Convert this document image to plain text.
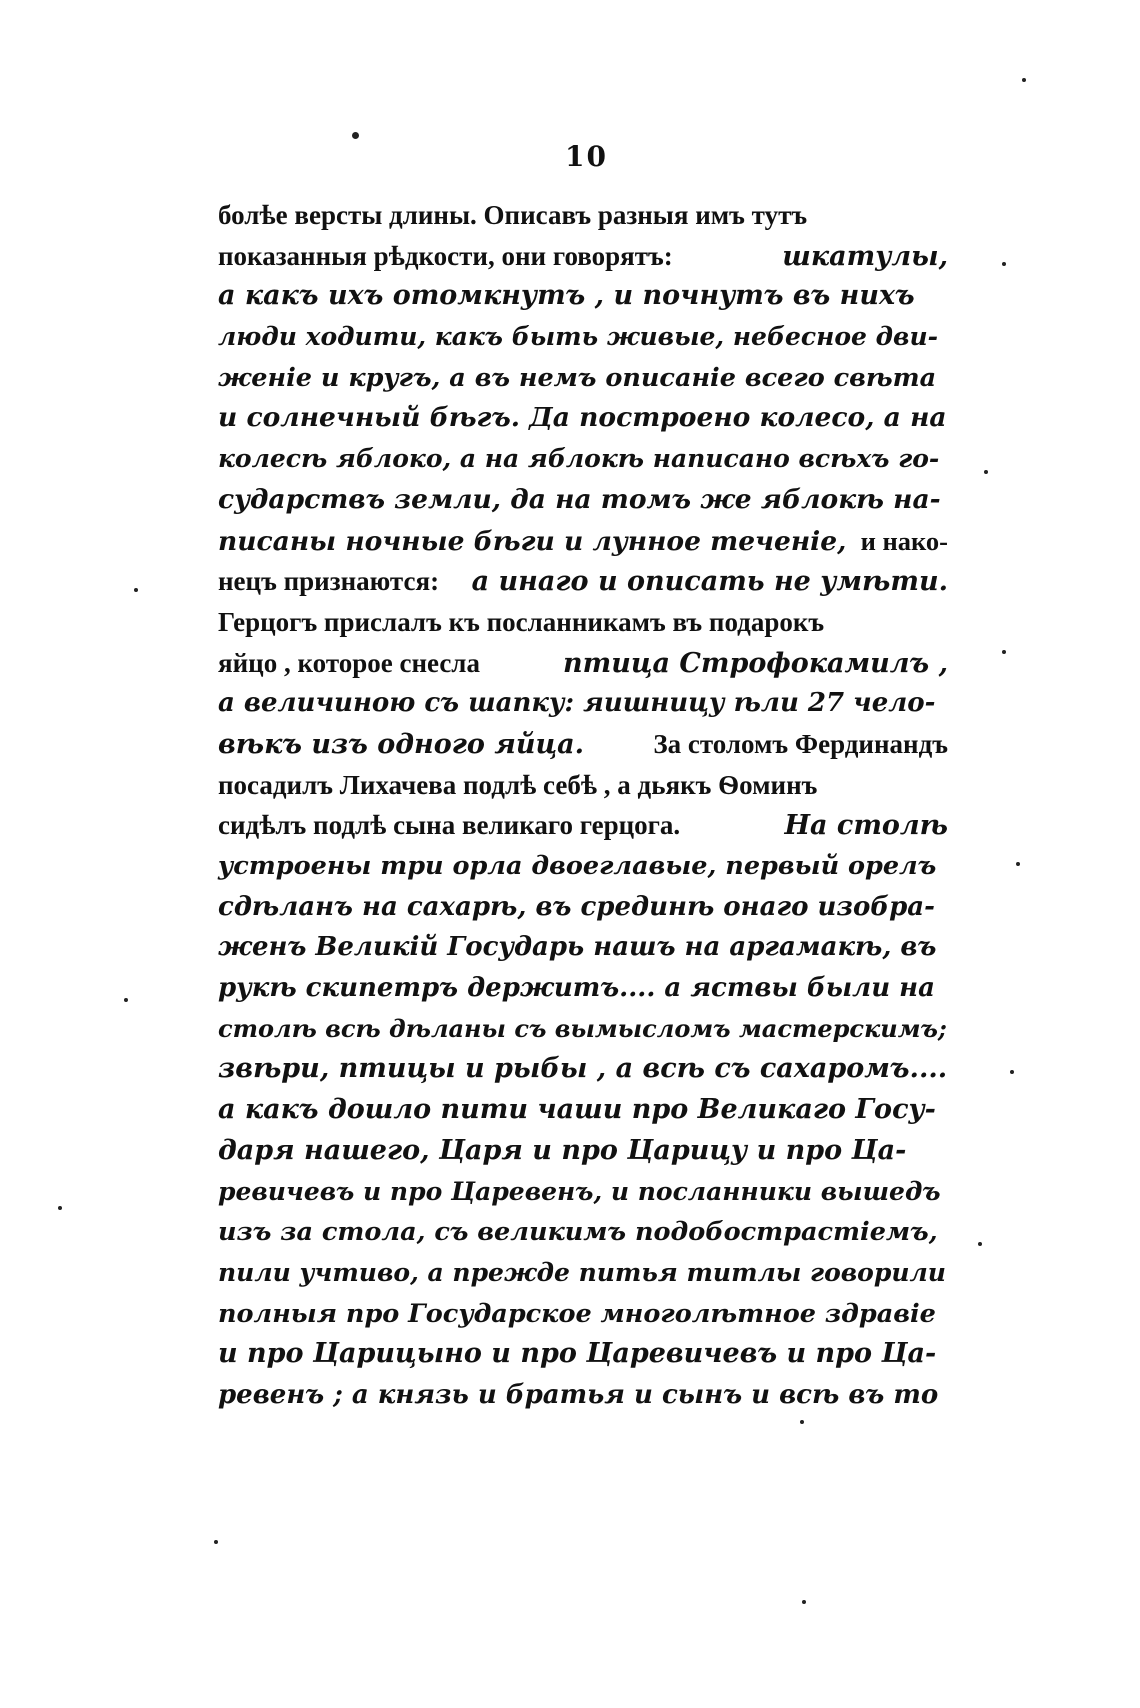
10
болѣе версты длины. Описавъ разныя имъ тутъ
показанныя рѣдкости, они говорятъ:	шкатулы,
а какъ ихъ отомкнутъ , и почнутъ въ нихъ
люди ходити, какъ быть живые, небесное дви-
женіе и кругъ, а въ немъ описаніе всего свѣта
и солнечный бѣгъ. Да построено колесо, а на
колесѣ яблоко, а на яблокѣ написано всѣхъ го-
сударствъ земли, да на томъ же яблокѣ на-
писаны ночные бѣги и лунное теченіе, и нако-
нецъ признаются: а инаго и описать не умѣти.
Герцогъ прислалъ къ посланникамъ въ подарокъ
яйцо , которое снесла	птица Строфокамилъ ,
а величиною съ шапку: яишницу ѣли 27 чело-
вѣкъ изъ одного яйца.	За столомъ Фердинандъ
посадилъ Лихачева подлѣ себѣ , а дьякъ Ѳоминъ
сидѣлъ подлѣ сына великаго герцога.	На столѣ
устроены три орла двоеглавые, первый орелъ
сдѣланъ на сахарѣ, въ срединѣ онаго изобра-
женъ Великій Государь нашъ на аргамакѣ, въ
рукѣ скипетръ держитъ.... а яствы были на
столѣ всѣ дѣланы съ вымысломъ мастерскимъ;
звѣри, птицы и рыбы , а всѣ съ сахаромъ....
а какъ дошло пити чаши про Великаго Госу-
даря нашего, Царя и про Царицу и про Ца-
ревичевъ и про Царевенъ, и посланники вышедъ
изъ за стола, съ великимъ подобострастіемъ,
пили учтиво, а прежде питья титлы говорили
полныя про Государское многолѣтное здравіе
и про Царицыно и про Царевичевъ и про Ца-
ревенъ ; а князь и братья и сынъ и всѣ въ то
